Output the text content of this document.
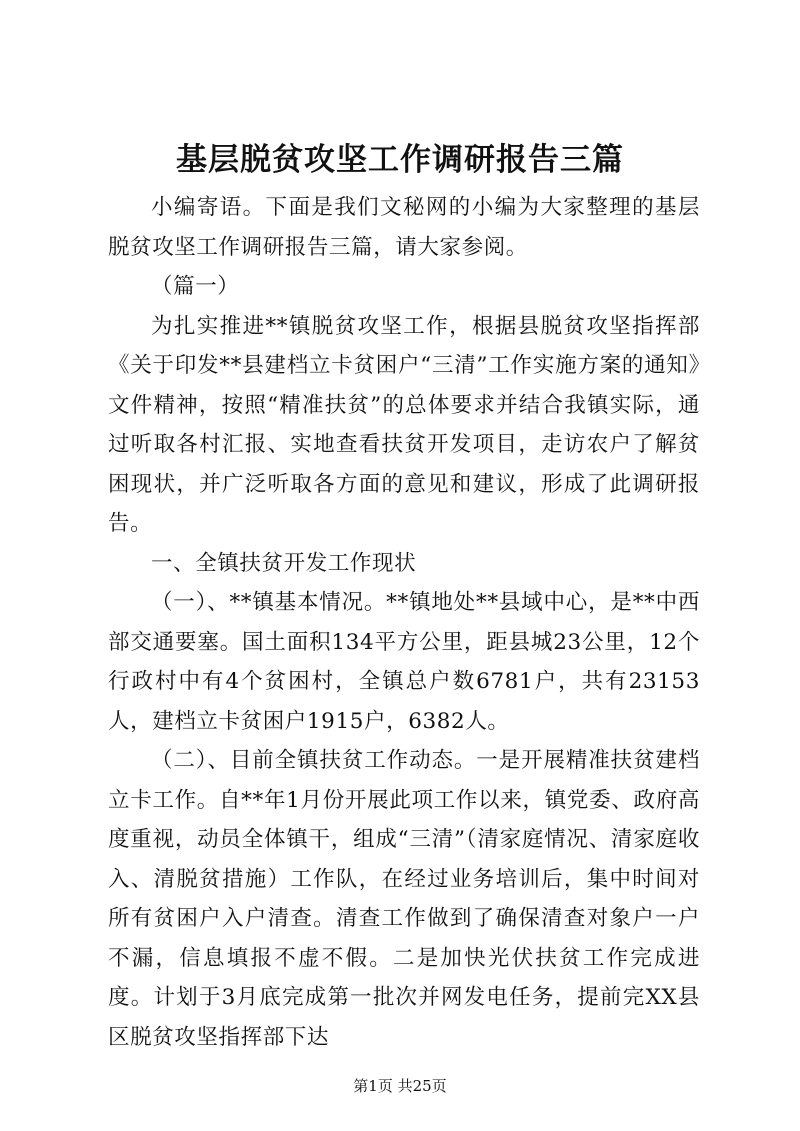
基层脱贫攻坚工作调研报告三篇

小编寄语。下面是我们文秘网的小编为大家整理的基层脱贫攻坚工作调研报告三篇，请大家参阅。

（篇一）

为扎实推进**镇脱贫攻坚工作，根据县脱贫攻坚指挥部《关于印发**县建档立卡贫困户“三清”工作实施方案的通知》文件精神，按照“精准扶贫”的总体要求并结合我镇实际，通过听取各村汇报、实地查看扶贫开发项目，走访农户了解贫困现状，并广泛听取各方面的意见和建议，形成了此调研报告。

一、全镇扶贫开发工作现状

（一）、**镇基本情况。**镇地处**县域中心，是**中西部交通要塞。国土面积134平方公里，距县城23公里，12个行政村中有4个贫困村，全镇总户数6781户，共有23153人，建档立卡贫困户1915户，6382人。

（二）、目前全镇扶贫工作动态。一是开展精准扶贫建档立卡工作。自**年1月份开展此项工作以来，镇党委、政府高度重视，动员全体镇干，组成“三清”（清家庭情况、清家庭收入、清脱贫措施）工作队，在经过业务培训后，集中时间对所有贫困户入户清查。清查工作做到了确保清查对象户一户不漏，信息填报不虚不假。二是加快光伏扶贫工作完成进度。计划于3月底完成第一批次并网发电任务，提前完XX县区脱贫攻坚指挥部下达

第1页 共25页
